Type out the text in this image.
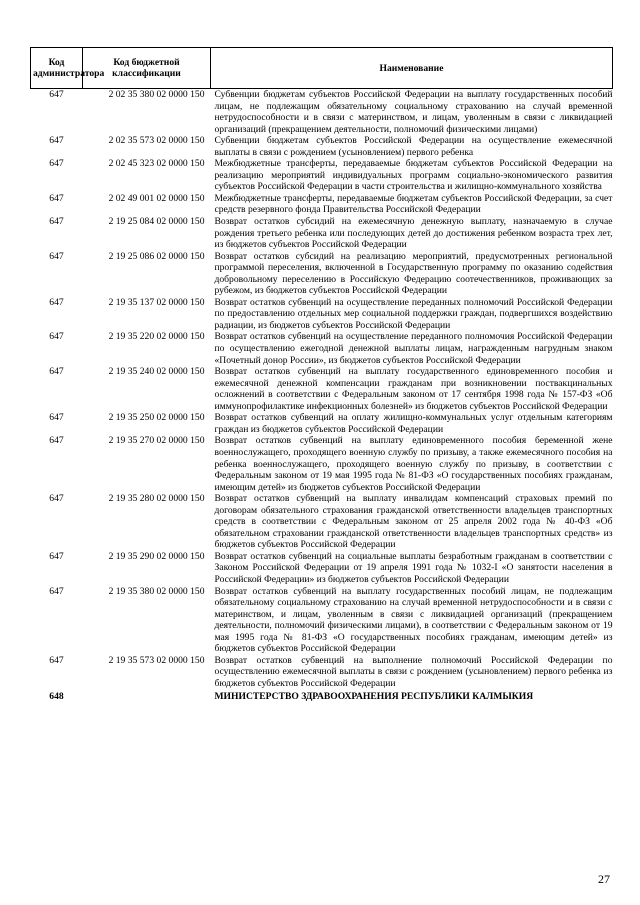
Код администратора	Код бюджетной классификации	Наименование
647	2 02 35 380 02 0000 150	Субвенции бюджетам субъектов Российской Федерации на выплату государственных пособий лицам, не подлежащим обязательному социальному страхованию на случай временной нетрудоспособности и в связи с материнством, и лицам, уволенным в связи с ликвидацией организаций (прекращением деятельности, полномочий физическими лицами)
647	2 02 35 573 02 0000 150	Субвенции бюджетам субъектов Российской Федерации на осуществление ежемесячной выплаты в связи с рождением (усыновлением) первого ребенка
647	2 02 45 323 02 0000 150	Межбюджетные трансферты, передаваемые бюджетам субъектов Российской Федерации на реализацию мероприятий индивидуальных программ социально-экономического развития субъектов Российской Федерации в части строительства и жилищно-коммунального хозяйства
647	2 02 49 001 02 0000 150	Межбюджетные трансферты, передаваемые бюджетам субъектов Российской Федерации, за счет средств резервного фонда Правительства Российской Федерации
647	2 19 25 084 02 0000 150	Возврат остатков субсидий на ежемесячную денежную выплату, назначаемую в случае рождения третьего ребенка или последующих детей до достижения ребенком возраста трех лет, из бюджетов субъектов Российской Федерации
647	2 19 25 086 02 0000 150	Возврат остатков субсидий на реализацию мероприятий, предусмотренных региональной программой переселения, включенной в Государственную программу по оказанию содействия добровольному переселению в Российскую Федерацию соотечественников, проживающих за рубежом, из бюджетов субъектов Российской Федерации
647	2 19 35 137 02 0000 150	Возврат остатков субвенций на осуществление переданных полномочий Российской Федерации по предоставлению отдельных мер социальной поддержки граждан, подвергшихся воздействию радиации, из бюджетов субъектов Российской Федерации
647	2 19 35 220 02 0000 150	Возврат остатков субвенций на осуществление переданного полномочия Российской Федерации по осуществлению ежегодной денежной выплаты лицам, награжденным нагрудным знаком «Почетный донор России», из бюджетов субъектов Российской Федерации
647	2 19 35 240 02 0000 150	Возврат остатков субвенций на выплату государственного единовременного пособия и ежемесячной денежной компенсации гражданам при возникновении поствакцинальных осложнений в соответствии с Федеральным законом от 17 сентября 1998 года № 157-ФЗ «Об иммунопрофилактике инфекционных болезней» из бюджетов субъектов Российской Федерации
647	2 19 35 250 02 0000 150	Возврат остатков субвенций на оплату жилищно-коммунальных услуг отдельным категориям граждан из бюджетов субъектов Российской Федерации
647	2 19 35 270 02 0000 150	Возврат остатков субвенций на выплату единовременного пособия беременной жене военнослужащего, проходящего военную службу по призыву, а также ежемесячного пособия на ребенка военнослужащего, проходящего военную службу по призыву, в соответствии с Федеральным законом от 19 мая 1995 года № 81-ФЗ «О государственных пособиях гражданам, имеющим детей» из бюджетов субъектов Российской Федерации
647	2 19 35 280 02 0000 150	Возврат остатков субвенций на выплату инвалидам компенсаций страховых премий по договорам обязательного страхования гражданской ответственности владельцев транспортных средств в соответствии с Федеральным законом от 25 апреля 2002 года № 40-ФЗ «Об обязательном страховании гражданской ответственности владельцев транспортных средств» из бюджетов субъектов Российской Федерации
647	2 19 35 290 02 0000 150	Возврат остатков субвенций на социальные выплаты безработным гражданам в соответствии с Законом Российской Федерации от 19 апреля 1991 года № 1032-I «О занятости населения в Российской Федерации» из бюджетов субъектов Российской Федерации
647	2 19 35 380 02 0000 150	Возврат остатков субвенций на выплату государственных пособий лицам, не подлежащим обязательному социальному страхованию на случай временной нетрудоспособности и в связи с материнством, и лицам, уволенным в связи с ликвидацией организаций (прекращением деятельности, полномочий физическими лицами), в соответствии с Федеральным законом от 19 мая 1995 года № 81-ФЗ «О государственных пособиях гражданам, имеющим детей» из бюджетов субъектов Российской Федерации
647	2 19 35 573 02 0000 150	Возврат остатков субвенций на выполнение полномочий Российской Федерации по осуществлению ежемесячной выплаты в связи с рождением (усыновлением) первого ребенка из бюджетов субъектов Российской Федерации
648		МИНИСТЕРСТВО ЗДРАВООХРАНЕНИЯ РЕСПУБЛИКИ КАЛМЫКИЯ
27
